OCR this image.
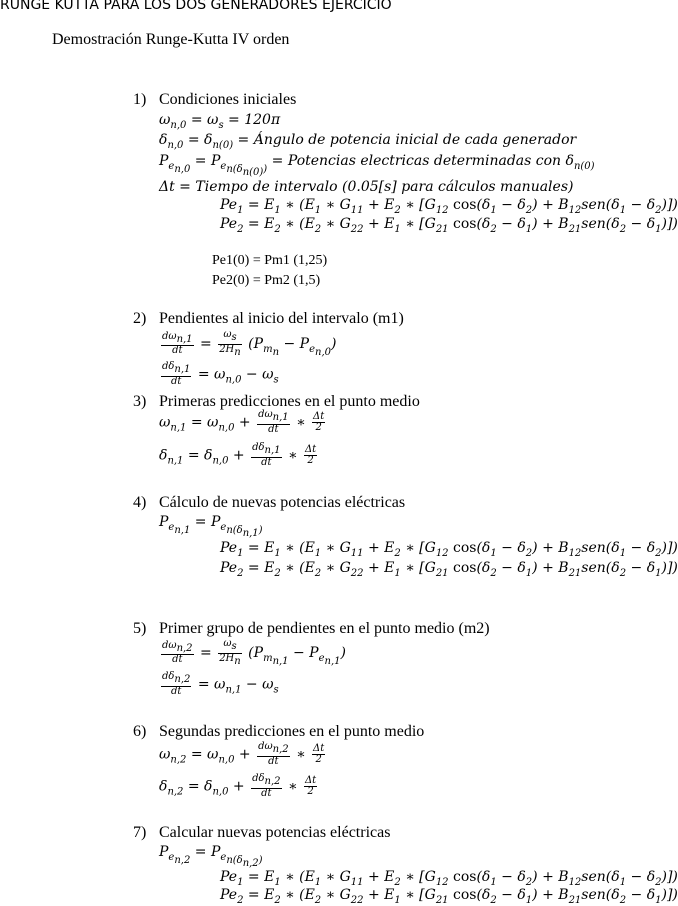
RUNGE KUTTA PARA LOS DOS GENERADORES EJERCICIO
Demostración Runge-Kutta IV orden
1) Condiciones iniciales
$\omega_{n,0} = \omega_s = 120\pi$
$\delta_{n,0} = \delta_{n(0)}$ = Ángulo de potencia inicial de cada generador
$P_{e_{n,0}} = P_{e_{n(\delta_{n(0)})}}$ = Potencias electricas determinadas con $\delta_{n(0)}$
Δt = Tiempo de intervalo (0.05[s] para cálculos manuales)
$Pe_1 = E_1$ ∗ ($E_1$ ∗ $G_{11} + E_2$ ∗ [$G_{12}$ $\cos(\delta_1 - \delta_2) + B_{12}sen(\delta_1 - \delta_2)$])
$Pe_2 = E_2$ ∗ ($E_2$ ∗ $G_{22} + E_1$ ∗ [$G_{21}$ $\cos(\delta_2 - \delta_1) + B_{21}sen(\delta_2 - \delta_1)$])
Pe1(0) = Pm1 (1,25)
Pe2(0) = Pm2 (1,5)
2) Pendientes al inicio del intervalo (m1)
$\frac{d\omega_{n,1}}{dt} = \frac{\omega_s}{2H_n} (P_{m_n} - P_{e_{n,0}})$
$\frac{d\delta_{n,1}}{dt} = \omega_{n,0} - \omega_s$
3) Primeras predicciones en el punto medio
$\omega_{n,1} = \omega_{n,0} + \frac{d\omega_{n,1}}{dt}$ ∗ $\frac{\Delta t}{2}$
$\delta_{n,1} = \delta_{n,0} + \frac{d\delta_{n,1}}{dt}$ ∗ $\frac{\Delta t}{2}$
4) Cálculo de nuevas potencias eléctricas
$P_{e_{n,1}} = P_{e_{n(\delta_{n,1})}}$
$Pe_1 = E_1$ ∗ ($E_1$ ∗ $G_{11} + E_2$ ∗ [$G_{12}$ $\cos(\delta_1 - \delta_2) + B_{12}sen(\delta_1 - \delta_2)$])
$Pe_2 = E_2$ ∗ ($E_2$ ∗ $G_{22} + E_1$ ∗ [$G_{21}$ $\cos(\delta_2 - \delta_1) + B_{21}sen(\delta_2 - \delta_1)$])
5) Primer grupo de pendientes en el punto medio (m2)
$\frac{d\omega_{n,2}}{dt} = \frac{\omega_s}{2H_n} (P_{m_{n,1}} - P_{e_{n,1}})$
$\frac{d\delta_{n,2}}{dt} = \omega_{n,1} - \omega_s$
6) Segundas predicciones en el punto medio
$\omega_{n,2} = \omega_{n,0} + \frac{d\omega_{n,2}}{dt}$ ∗ $\frac{\Delta t}{2}$
$\delta_{n,2} = \delta_{n,0} + \frac{d\delta_{n,2}}{dt}$ ∗ $\frac{\Delta t}{2}$
7) Calcular nuevas potencias eléctricas
$P_{e_{n,2}} = P_{e_{n(\delta_{n,2})}}$
$Pe_1 = E_1$ ∗ ($E_1$ ∗ $G_{11} + E_2$ ∗ [$G_{12}$ $\cos(\delta_1 - \delta_2) + B_{12}sen(\delta_1 - \delta_2)$])
$Pe_2 = E_2$ ∗ ($E_2$ ∗ $G_{22} + E_1$ ∗ [$G_{21}$ $\cos(\delta_2 - \delta_1) + B_{21}sen(\delta_2 - \delta_1)$])
